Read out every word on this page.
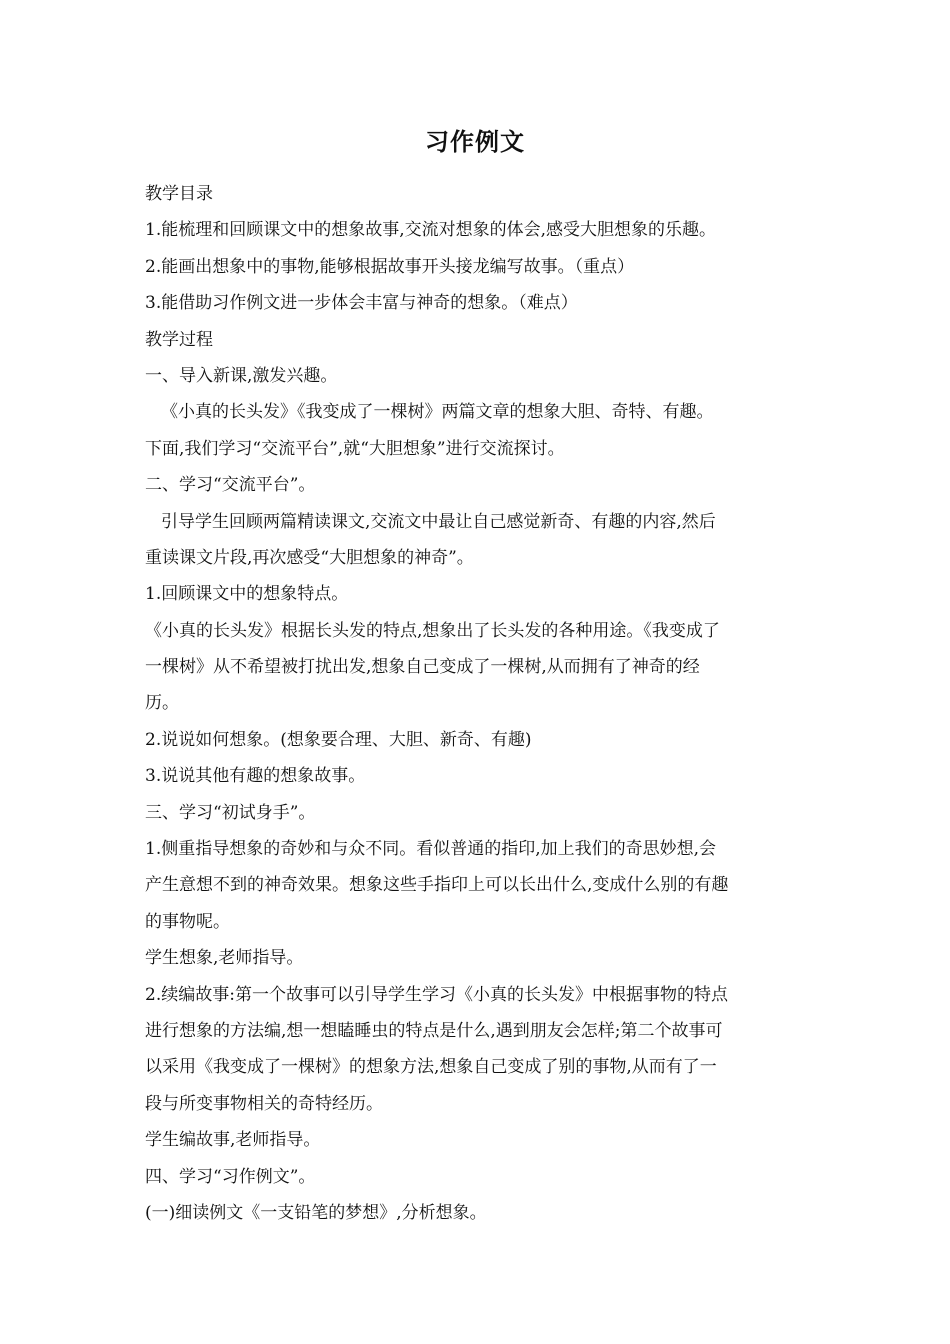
习作例文
教学目录
1.能梳理和回顾课文中的想象故事,交流对想象的体会,感受大胆想象的乐趣。
2.能画出想象中的事物,能够根据故事开头接龙编写故事。（重点）
3.能借助习作例文进一步体会丰富与神奇的想象。（难点）
教学过程
一、导入新课,激发兴趣。
《小真的长头发》《我变成了一棵树》两篇文章的想象大胆、奇特、有趣。
下面,我们学习“交流平台”,就“大胆想象”进行交流探讨。
二、学习“交流平台”。
引导学生回顾两篇精读课文,交流文中最让自己感觉新奇、有趣的内容,然后
重读课文片段,再次感受“大胆想象的神奇”。
1.回顾课文中的想象特点。
《小真的长头发》根据长头发的特点,想象出了长头发的各种用途。《我变成了
一棵树》从不希望被打扰出发,想象自己变成了一棵树,从而拥有了神奇的经
历。
2.说说如何想象。(想象要合理、大胆、新奇、有趣)
3.说说其他有趣的想象故事。
三、学习“初试身手”。
1.侧重指导想象的奇妙和与众不同。看似普通的指印,加上我们的奇思妙想,会
产生意想不到的神奇效果。想象这些手指印上可以长出什么,变成什么别的有趣
的事物呢。
学生想象,老师指导。
2.续编故事:第一个故事可以引导学生学习《小真的长头发》中根据事物的特点
进行想象的方法编,想一想瞌睡虫的特点是什么,遇到朋友会怎样;第二个故事可
以采用《我变成了一棵树》的想象方法,想象自己变成了别的事物,从而有了一
段与所变事物相关的奇特经历。
学生编故事,老师指导。
四、学习“习作例文”。
(一)细读例文《一支铅笔的梦想》,分析想象。
